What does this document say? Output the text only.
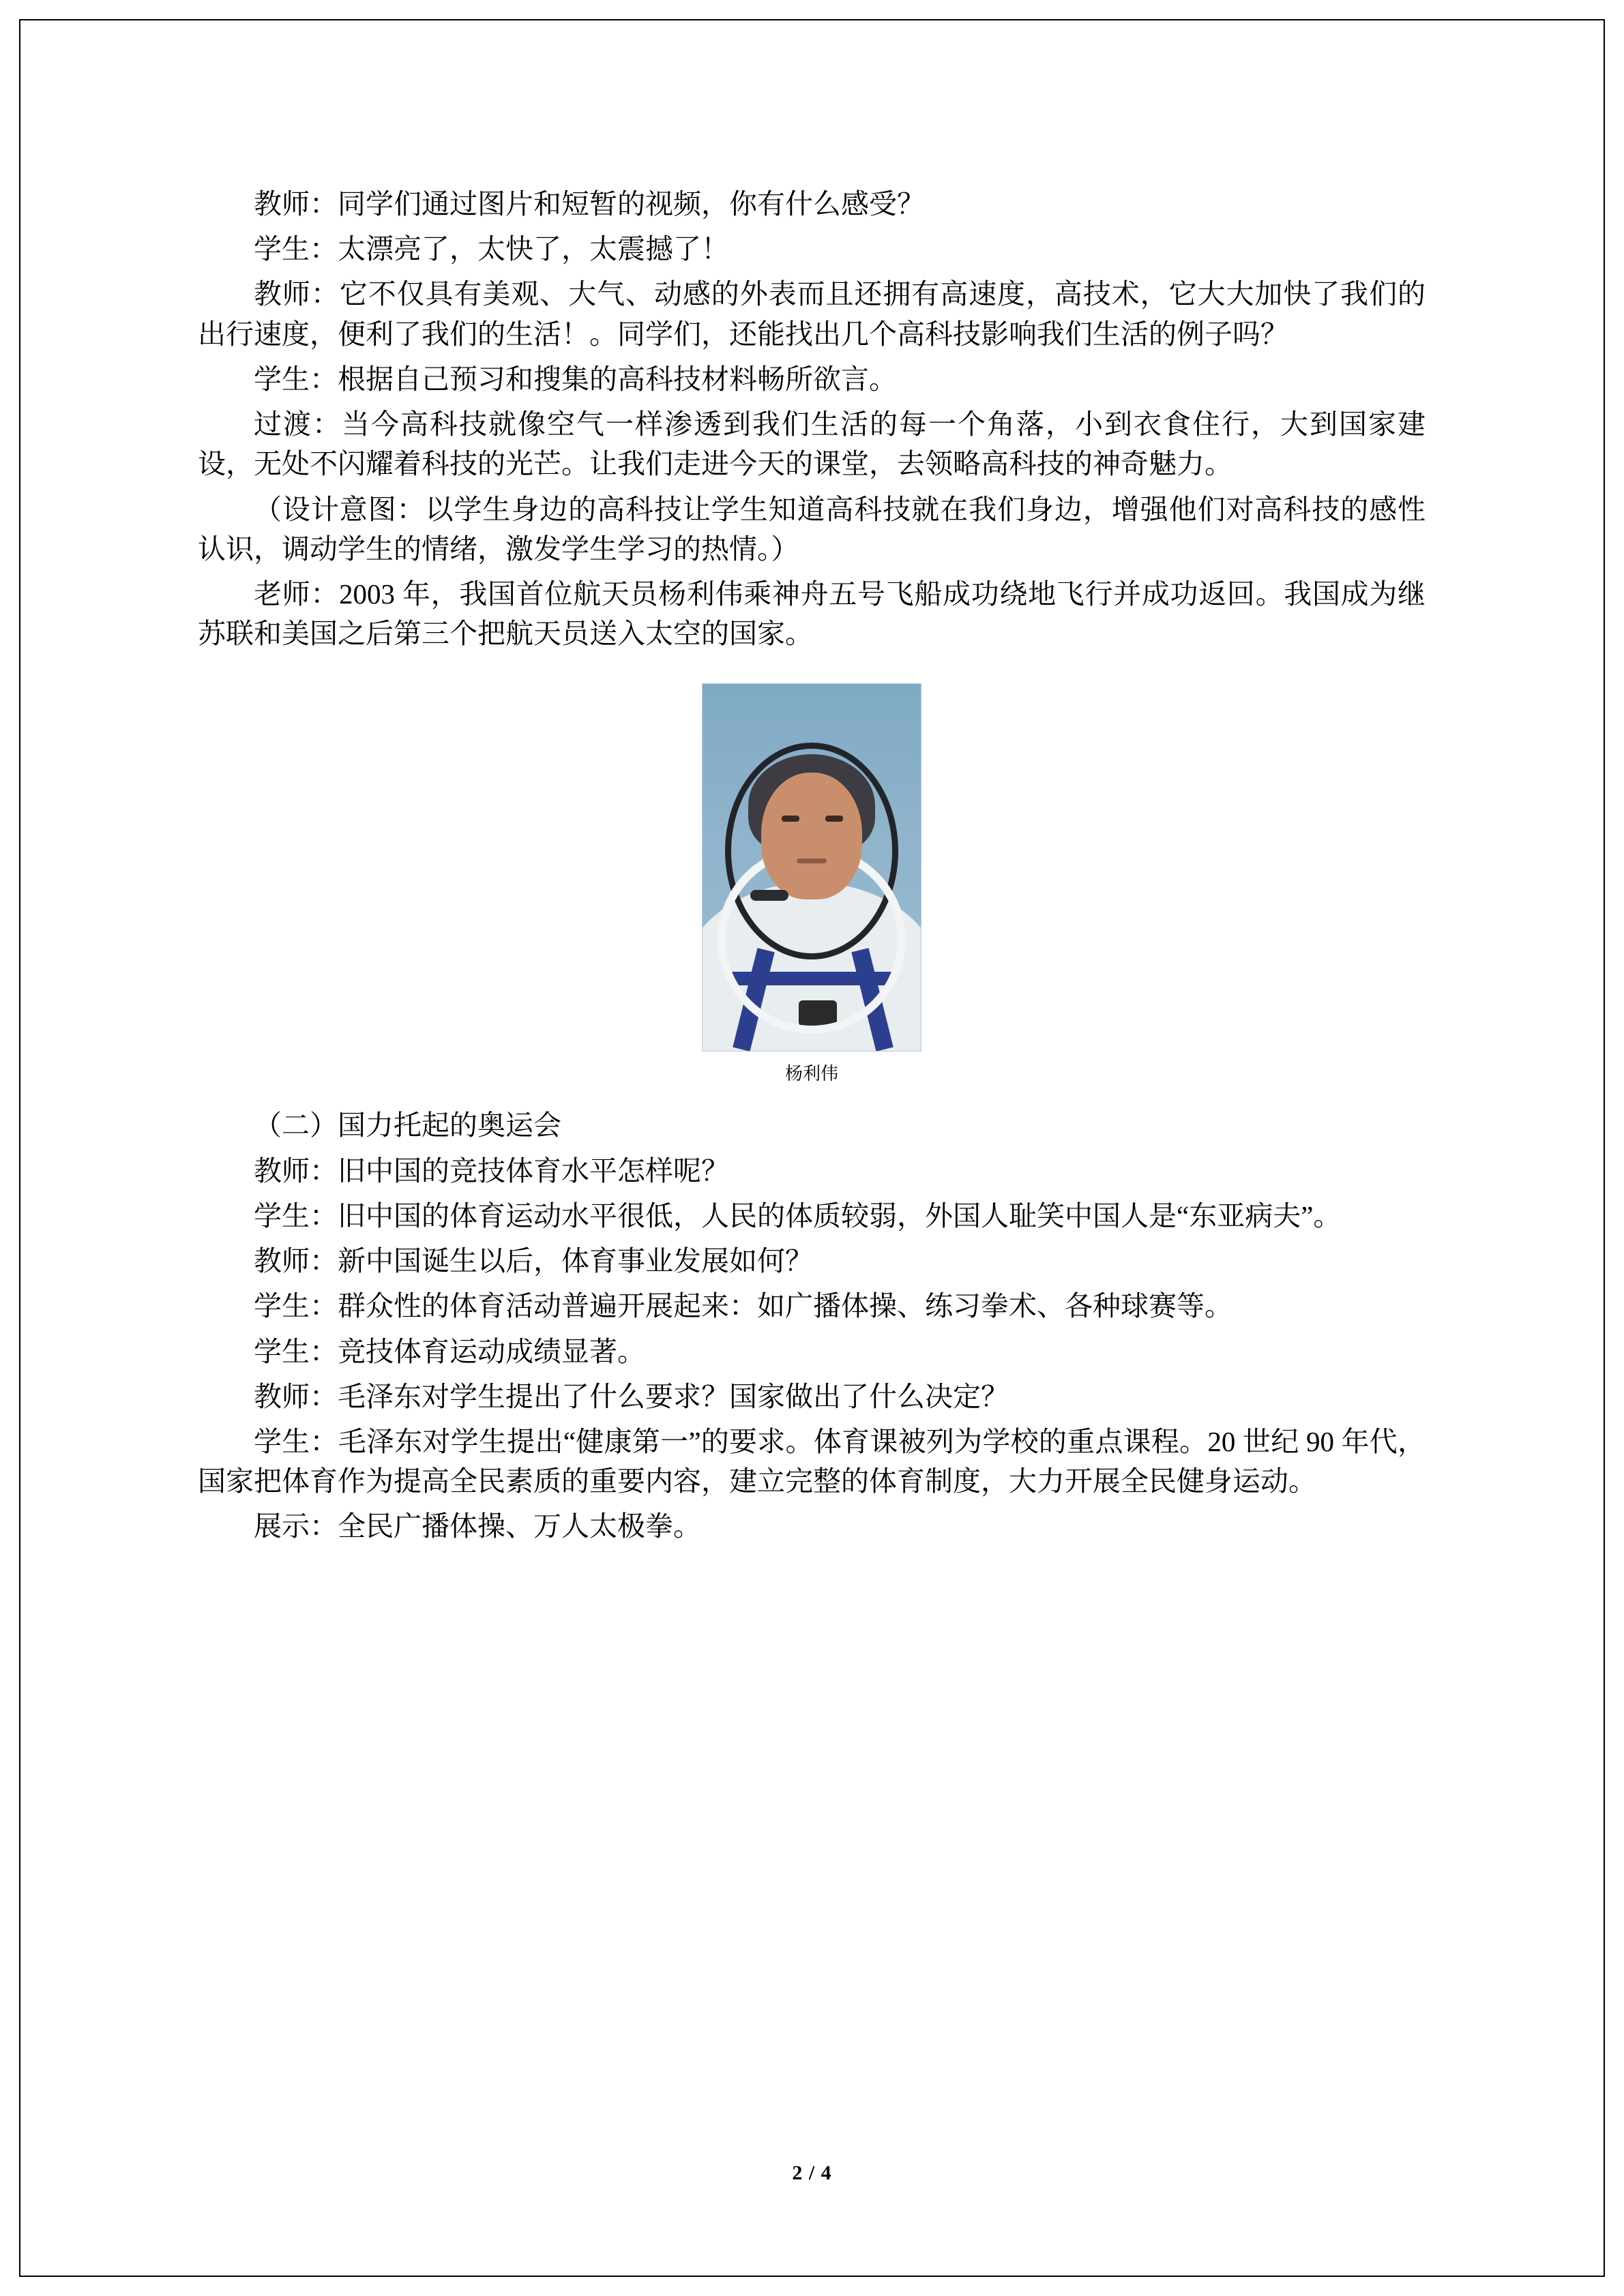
教师：同学们通过图片和短暂的视频，你有什么感受？

学生：太漂亮了，太快了，太震撼了！

教师：它不仅具有美观、大气、动感的外表而且还拥有高速度，高技术，它大大加快了我们的出行速度，便利了我们的生活！。同学们，还能找出几个高科技影响我们生活的例子吗？

学生：根据自己预习和搜集的高科技材料畅所欲言。

过渡：当今高科技就像空气一样渗透到我们生活的每一个角落，小到衣食住行，大到国家建设，无处不闪耀着科技的光芒。让我们走进今天的课堂，去领略高科技的神奇魅力。

（设计意图：以学生身边的高科技让学生知道高科技就在我们身边，增强他们对高科技的感性认识，调动学生的情绪，激发学生学习的热情。）

老师：2003 年，我国首位航天员杨利伟乘神舟五号飞船成功绕地飞行并成功返回。我国成为继苏联和美国之后第三个把航天员送入太空的国家。

杨利伟

（二）国力托起的奥运会

教师：旧中国的竞技体育水平怎样呢？

学生：旧中国的体育运动水平很低，人民的体质较弱，外国人耻笑中国人是“东亚病夫”。

教师：新中国诞生以后，体育事业发展如何？

学生：群众性的体育活动普遍开展起来：如广播体操、练习拳术、各种球赛等。

学生：竞技体育运动成绩显著。

教师：毛泽东对学生提出了什么要求？国家做出了什么决定？

学生：毛泽东对学生提出“健康第一”的要求。体育课被列为学校的重点课程。20 世纪 90 年代，国家把体育作为提高全民素质的重要内容，建立完整的体育制度，大力开展全民健身运动。

展示：全民广播体操、万人太极拳。

2 / 4
